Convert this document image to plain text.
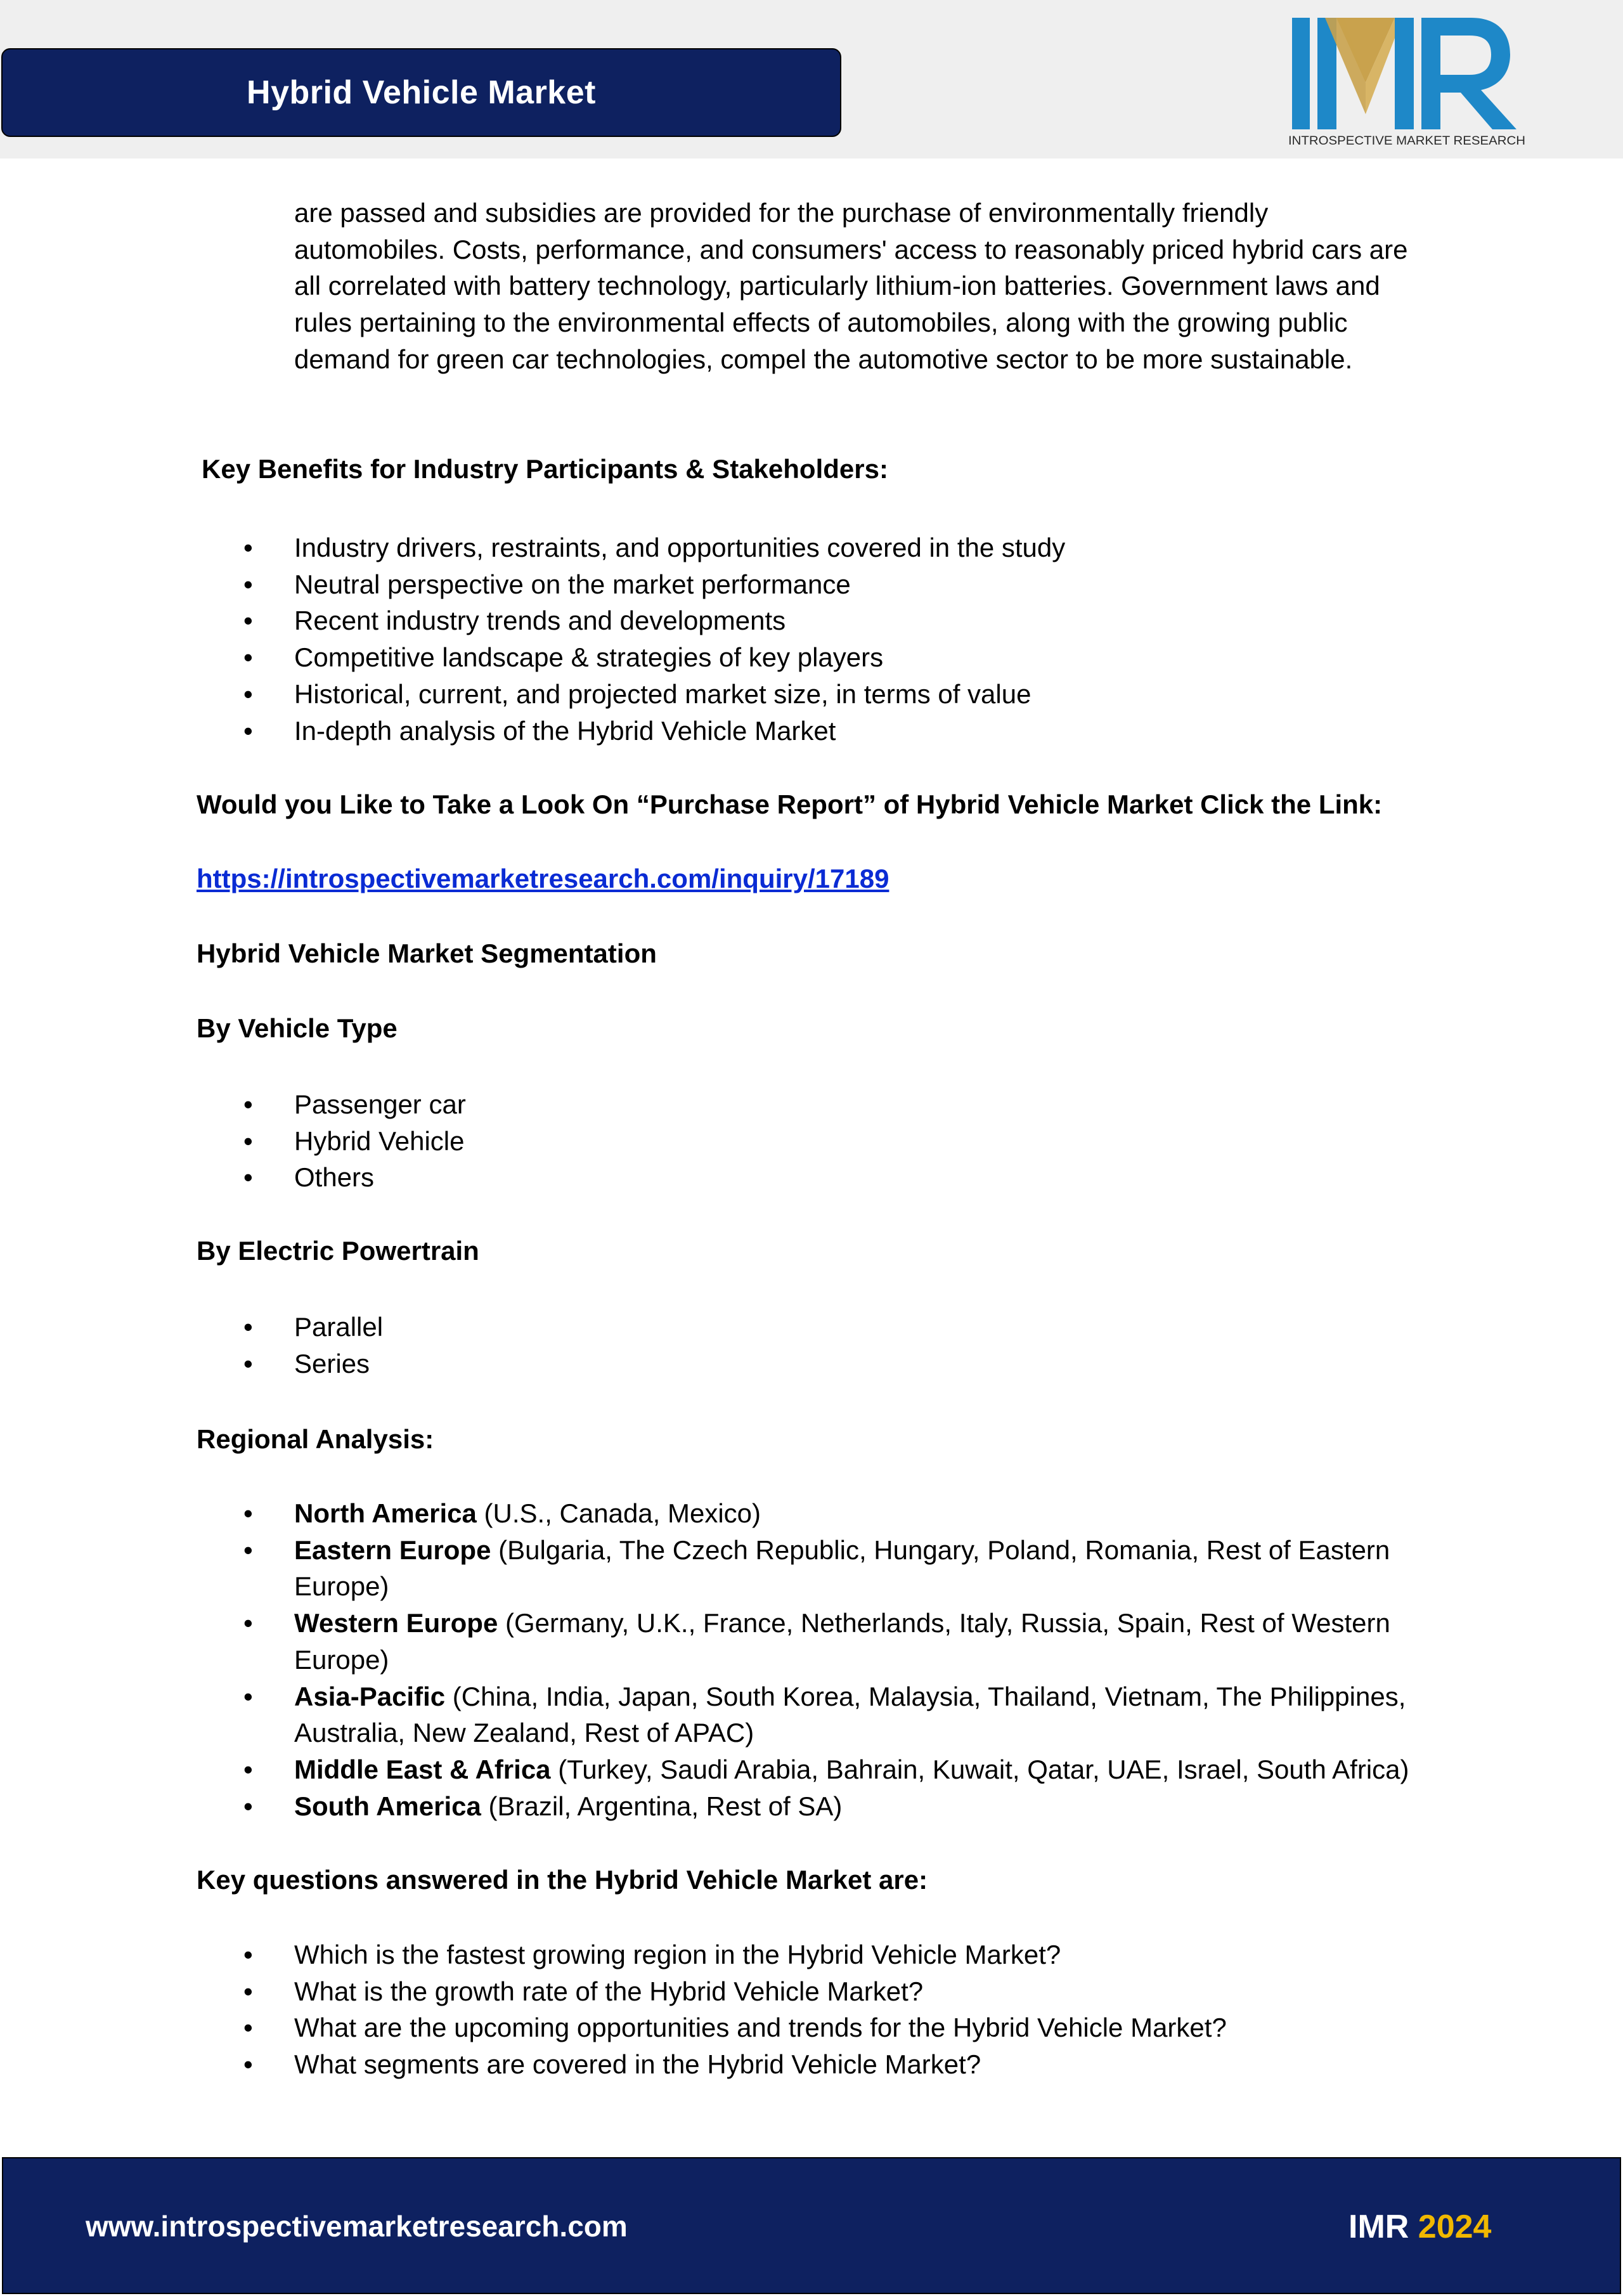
Hybrid Vehicle Market
INTROSPECTIVE MARKET RESEARCH

are passed and subsidies are provided for the purchase of environmentally friendly automobiles. Costs, performance, and consumers' access to reasonably priced hybrid cars are all correlated with battery technology, particularly lithium-ion batteries. Government laws and rules pertaining to the environmental effects of automobiles, along with the growing public demand for green car technologies, compel the automotive sector to be more sustainable.

Key Benefits for Industry Participants & Stakeholders:

• Industry drivers, restraints, and opportunities covered in the study
• Neutral perspective on the market performance
• Recent industry trends and developments
• Competitive landscape & strategies of key players
• Historical, current, and projected market size, in terms of value
• In-depth analysis of the Hybrid Vehicle Market

Would you Like to Take a Look On “Purchase Report” of Hybrid Vehicle Market Click the Link:

https://introspectivemarketresearch.com/inquiry/17189

Hybrid Vehicle Market Segmentation

By Vehicle Type

• Passenger car
• Hybrid Vehicle
• Others

By Electric Powertrain

• Parallel
• Series

Regional Analysis:

• North America (U.S., Canada, Mexico)
• Eastern Europe (Bulgaria, The Czech Republic, Hungary, Poland, Romania, Rest of Eastern Europe)
• Western Europe (Germany, U.K., France, Netherlands, Italy, Russia, Spain, Rest of Western Europe)
• Asia-Pacific (China, India, Japan, South Korea, Malaysia, Thailand, Vietnam, The Philippines, Australia, New Zealand, Rest of APAC)
• Middle East & Africa (Turkey, Saudi Arabia, Bahrain, Kuwait, Qatar, UAE, Israel, South Africa)
• South America (Brazil, Argentina, Rest of SA)

Key questions answered in the Hybrid Vehicle Market are:

• Which is the fastest growing region in the Hybrid Vehicle Market?
• What is the growth rate of the Hybrid Vehicle Market?
• What are the upcoming opportunities and trends for the Hybrid Vehicle Market?
• What segments are covered in the Hybrid Vehicle Market?
www.introspectivemarketresearch.com	IMR 2024
